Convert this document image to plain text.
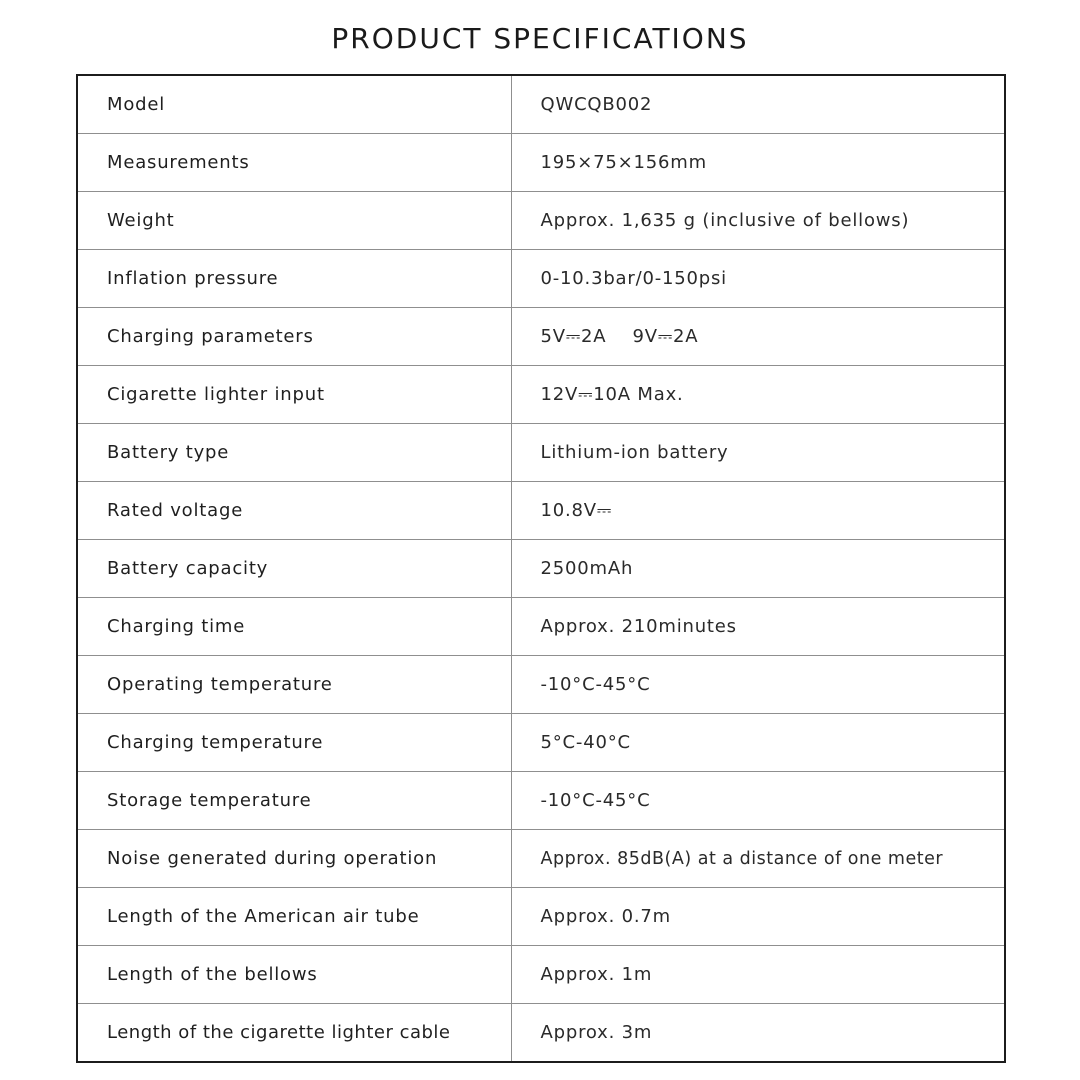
PRODUCT SPECIFICATIONS
Model	QWCQB002
Measurements	195×75×156mm
Weight	Approx. 1,635 g (inclusive of bellows)
Inflation pressure	0-10.3bar/0-150psi
Charging parameters	5V⎓2A    9V⎓2A
Cigarette lighter input	12V⎓10A Max.
Battery type	Lithium-ion battery
Rated voltage	10.8V⎓
Battery capacity	2500mAh
Charging time	Approx. 210minutes
Operating temperature	-10°C-45°C
Charging temperature	5°C-40°C
Storage temperature	-10°C-45°C
Noise generated during operation	Approx. 85dB(A) at a distance of one meter
Length of the American air tube	Approx. 0.7m
Length of the bellows	Approx. 1m
Length of the cigarette lighter cable	Approx. 3m
